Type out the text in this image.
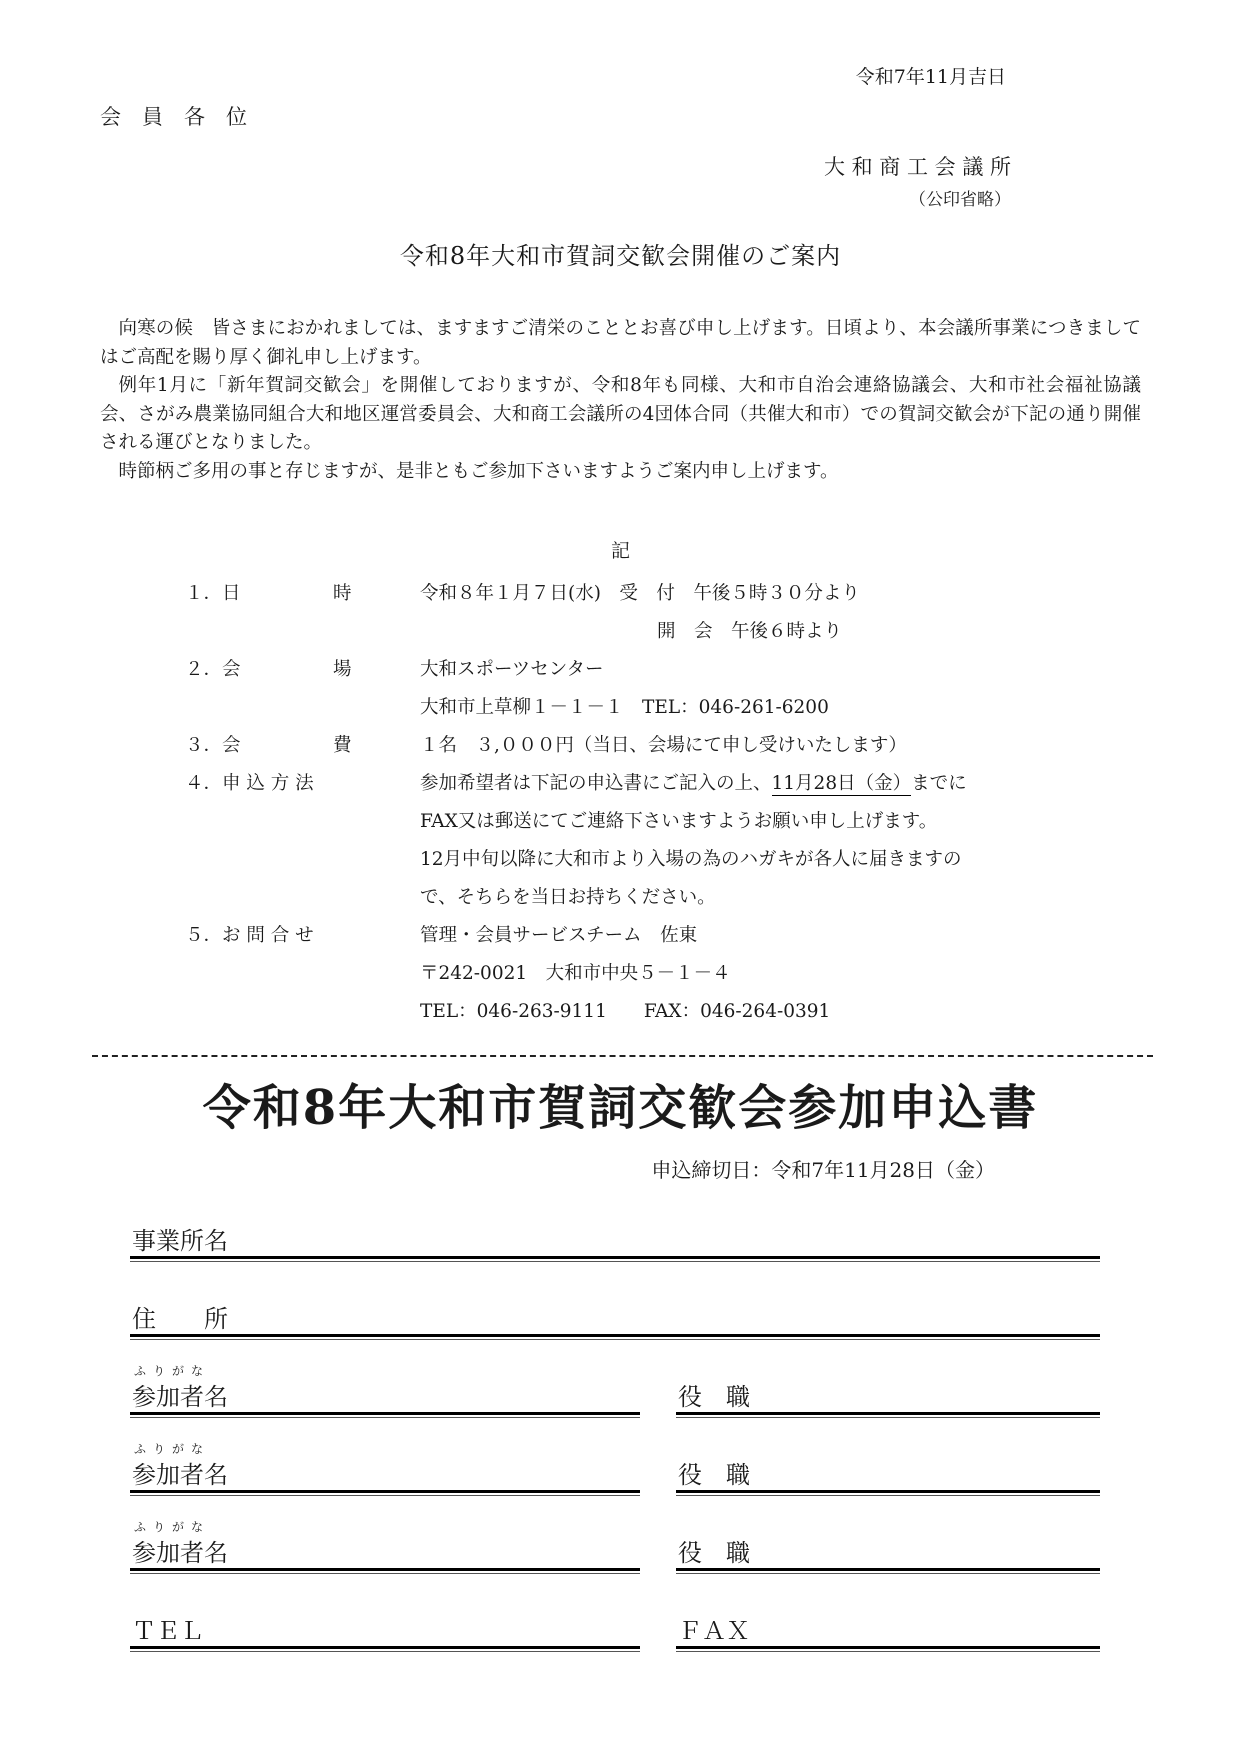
令和7年11月吉日
会　員　各　位
大 和 商 工 会 議 所
（公印省略）
令和8年大和市賀詞交歓会開催のご案内

向寒の候　皆さまにおかれましては、ますますご清栄のこととお喜び申し上げます。日頃より、本会議所事業につきましてはご高配を賜り厚く御礼申し上げます。

例年1月に「新年賀詞交歓会」を開催しておりますが、令和8年も同様、大和市自治会連絡協議会、大和市社会福祉協議会、さがみ農業協同組合大和地区運営委員会、大和商工会議所の4団体合同（共催大和市）での賀詞交歓会が下記の通り開催される運びとなりました。

時節柄ご多用の事と存じますが、是非ともご参加下さいますようご案内申し上げます。

記
１．日　　　　　時	令和８年１月７日(水)　受　付　午後５時３０分より
開　会　午後６時より
２．会　　　　　場	大和スポーツセンター
大和市上草柳１－１－１　TEL：046-261-6200
３．会　　　　　費	１名　３,０００円（当日、会場にて申し受けいたします）
４．申 込 方 法	参加希望者は下記の申込書にご記入の上、11月28日（金）までに
FAX又は郵送にてご連絡下さいますようお願い申し上げます。
12月中旬以降に大和市より入場の為のハガキが各人に届きますの
で、そちらを当日お持ちください。
５．お 問 合 せ	管理・会員サービスチーム　佐東
〒242-0021　大和市中央５－１－４
TEL：046-263-9111　　FAX：046-264-0391
令和8年大和市賀詞交歓会参加申込書
申込締切日：令和7年11月28日（金）
事業所名
住　　所
ふりがな
参加者名	役　職
ふりがな
参加者名	役　職
ふりがな
参加者名	役　職
ＴＥＬ	ＦＡＸ
